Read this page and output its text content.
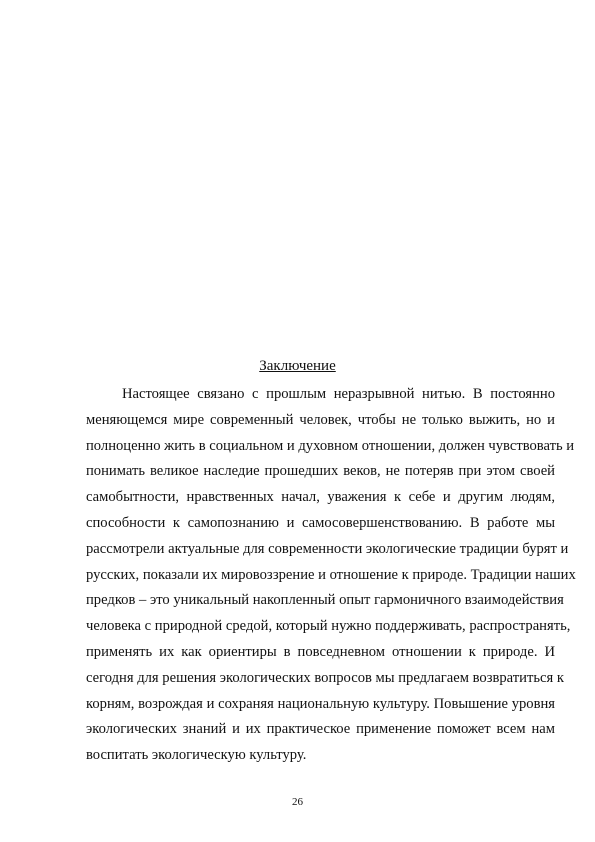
Заключение
Настоящее связано с прошлым неразрывной нитью. В постоянно
меняющемся мире современный человек, чтобы не только выжить, но и
полноценно жить в социальном и духовном отношении, должен чувствовать и
понимать великое наследие прошедших веков, не потеряв при этом своей
самобытности, нравственных начал, уважения к себе и другим людям,
способности к самопознанию и самосовершенствованию. В работе мы
рассмотрели актуальные для современности экологические традиции бурят и
русских, показали их мировоззрение и отношение к природе. Традиции наших
предков – это уникальный накопленный опыт гармоничного взаимодействия
человека с природной средой, который нужно поддерживать, распространять,
применять их как ориентиры в повседневном отношении к природе. И
сегодня для решения экологических вопросов мы предлагаем возвратиться к
корням, возрождая и сохраняя национальную культуру. Повышение уровня
экологических знаний и их практическое применение поможет всем нам
воспитать экологическую культуру.
26
